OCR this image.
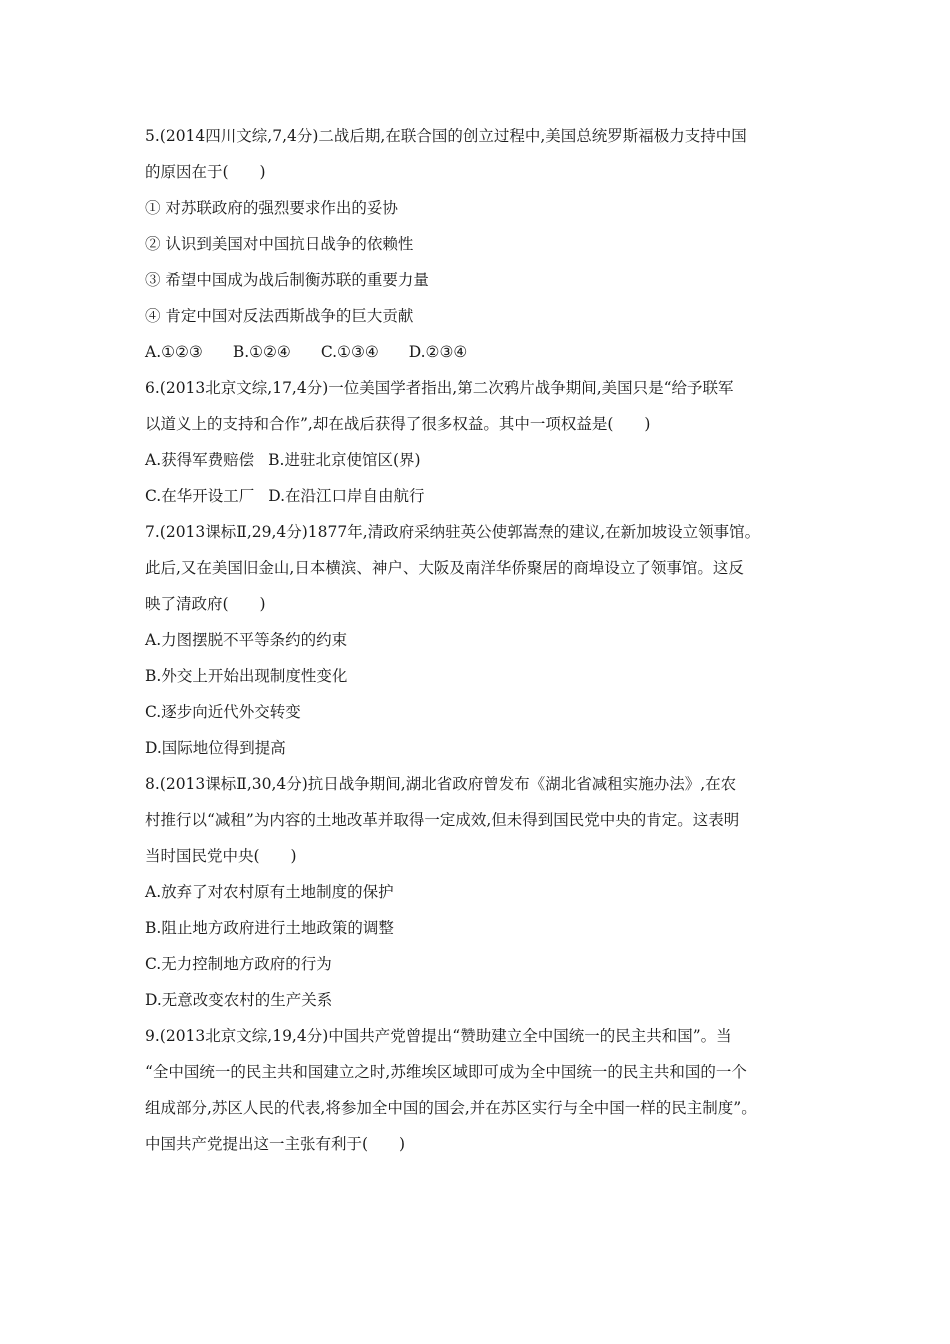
5.(2014四川文综,7,4分)二战后期,在联合国的创立过程中,美国总统罗斯福极力支持中国
的原因在于(　　)
① 对苏联政府的强烈要求作出的妥协
② 认识到美国对中国抗日战争的依赖性
③ 希望中国成为战后制衡苏联的重要力量
④ 肯定中国对反法西斯战争的巨大贡献
A.①②③ B.①②④ C.①③④ D.②③④
6.(2013北京文综,17,4分)一位美国学者指出,第二次鸦片战争期间,美国只是“给予联军
以道义上的支持和合作”,却在战后获得了很多权益。其中一项权益是(　　)
A.获得军费赔偿 B.进驻北京使馆区(界)
C.在华开设工厂 D.在沿江口岸自由航行
7.(2013课标Ⅱ,29,4分)1877年,清政府采纳驻英公使郭嵩焘的建议,在新加坡设立领事馆。
此后,又在美国旧金山,日本横滨、神户、大阪及南洋华侨聚居的商埠设立了领事馆。这反
映了清政府(　　)
A.力图摆脱不平等条约的约束
B.外交上开始出现制度性变化
C.逐步向近代外交转变
D.国际地位得到提高
8.(2013课标Ⅱ,30,4分)抗日战争期间,湖北省政府曾发布《湖北省减租实施办法》,在农
村推行以“减租”为内容的土地改革并取得一定成效,但未得到国民党中央的肯定。这表明
当时国民党中央(　　)
A.放弃了对农村原有土地制度的保护
B.阻止地方政府进行土地政策的调整
C.无力控制地方政府的行为
D.无意改变农村的生产关系
9.(2013北京文综,19,4分)中国共产党曾提出“赞助建立全中国统一的民主共和国”。当
“全中国统一的民主共和国建立之时,苏维埃区域即可成为全中国统一的民主共和国的一个
组成部分,苏区人民的代表,将参加全中国的国会,并在苏区实行与全中国一样的民主制度”。
中国共产党提出这一主张有利于(　　)
